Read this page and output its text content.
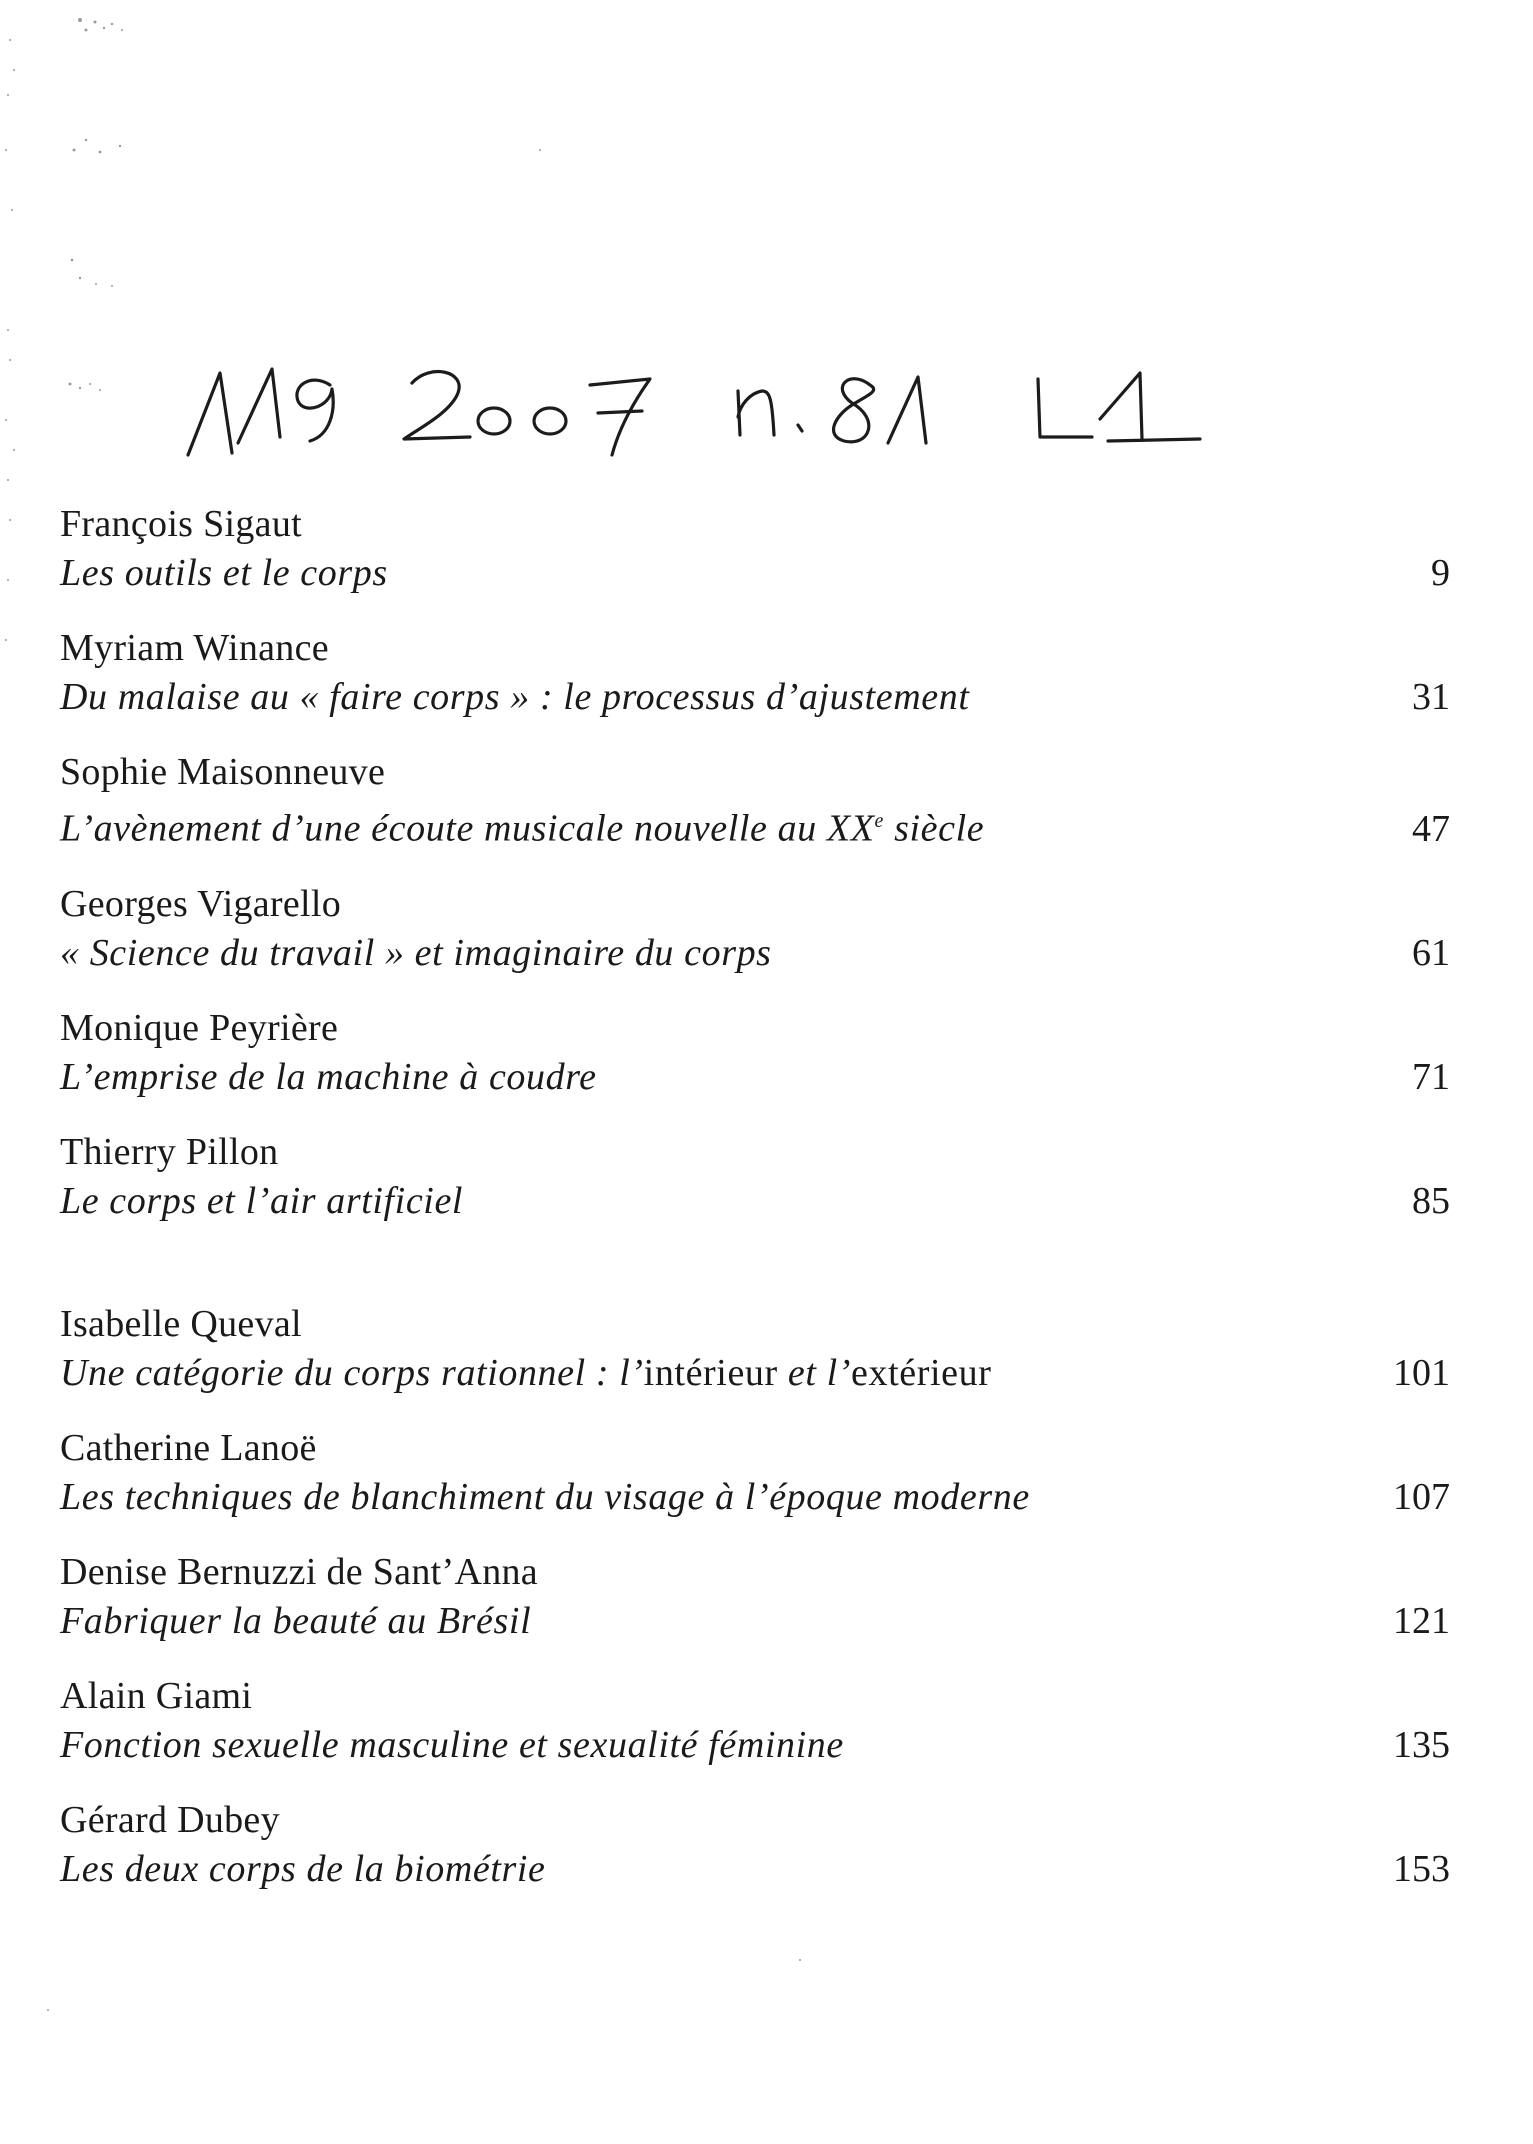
François Sigaut
Les outils et le corps	9
Myriam Winance
Du malaise au « faire corps » : le processus d’ajustement	31
Sophie Maisonneuve
L’avènement d’une écoute musicale nouvelle au XXe siècle	47
Georges Vigarello
« Science du travail » et imaginaire du corps	61
Monique Peyrière
L’emprise de la machine à coudre	71
Thierry Pillon
Le corps et l’air artificiel	85
Isabelle Queval
Une catégorie du corps rationnel : l’intérieur et l’extérieur	101
Catherine Lanoë
Les techniques de blanchiment du visage à l’époque moderne	107
Denise Bernuzzi de Sant’Anna
Fabriquer la beauté au Brésil	121
Alain Giami
Fonction sexuelle masculine et sexualité féminine	135
Gérard Dubey
Les deux corps de la biométrie	153
